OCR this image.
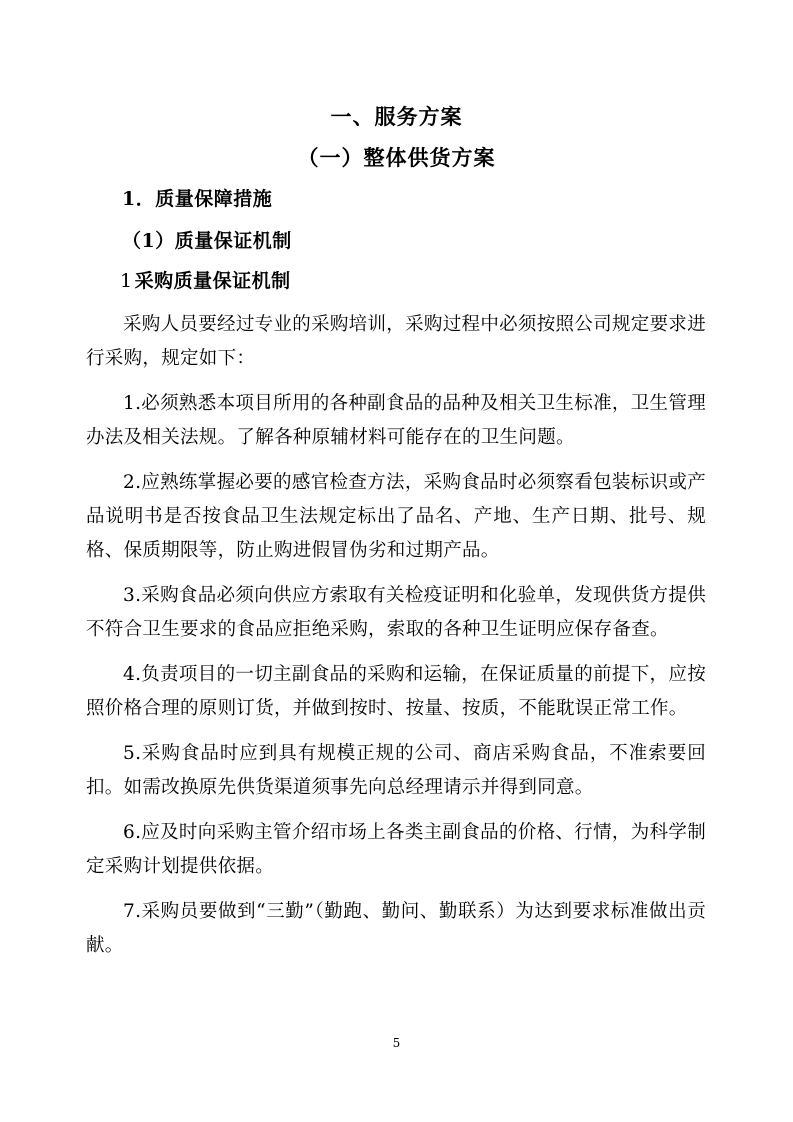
一、服务方案
（一）整体供货方案
1．质量保障措施
（1）质量保证机制
1 采购质量保证机制

采购人员要经过专业的采购培训，采购过程中必须按照公司规定要求进行采购，规定如下：

1.必须熟悉本项目所用的各种副食品的品种及相关卫生标准，卫生管理办法及相关法规。了解各种原辅材料可能存在的卫生问题。

2.应熟练掌握必要的感官检查方法，采购食品时必须察看包装标识或产品说明书是否按食品卫生法规定标出了品名、产地、生产日期、批号、规格、保质期限等，防止购进假冒伪劣和过期产品。

3.采购食品必须向供应方索取有关检疫证明和化验单，发现供货方提供不符合卫生要求的食品应拒绝采购，索取的各种卫生证明应保存备查。

4.负责项目的一切主副食品的采购和运输，在保证质量的前提下，应按照价格合理的原则订货，并做到按时、按量、按质，不能耽误正常工作。

5.采购食品时应到具有规模正规的公司、商店采购食品，不准索要回扣。如需改换原先供货渠道须事先向总经理请示并得到同意。

6.应及时向采购主管介绍市场上各类主副食品的价格、行情，为科学制定采购计划提供依据。

7.采购员要做到“三勤”（勤跑、勤问、勤联系）为达到要求标准做出贡献。

5
